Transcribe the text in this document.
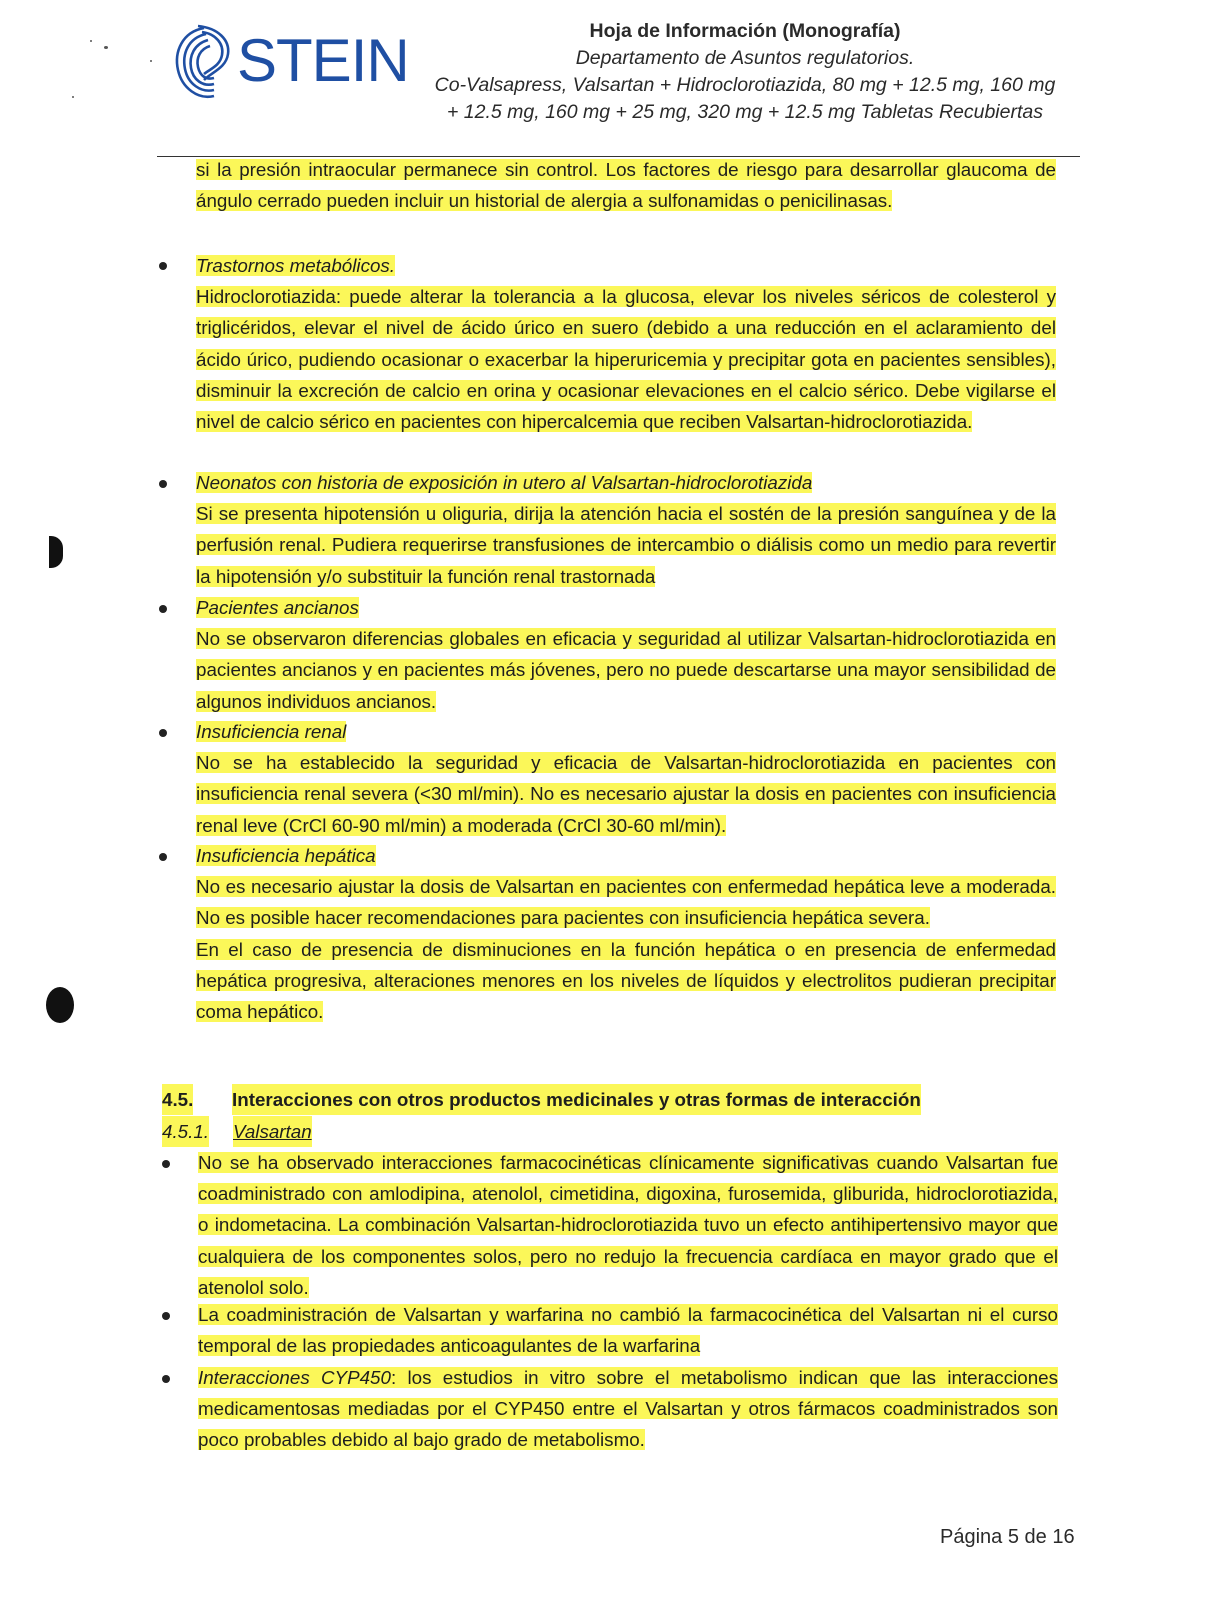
STEIN	Hoja de Información (Monografía)
Departamento de Asuntos regulatorios.
Co-Valsapress, Valsartan + Hidroclorotiazida, 80 mg + 12.5 mg, 160 mg
+ 12.5 mg, 160 mg + 25 mg, 320 mg + 12.5 mg Tabletas Recubiertas
si la presión intraocular permanece sin control. Los factores de riesgo para desarrollar glaucoma de ángulo cerrado pueden incluir un historial de alergia a sulfonamidas o penicilinasas.
Trastornos metabólicos.
Hidroclorotiazida: puede alterar la tolerancia a la glucosa, elevar los niveles séricos de colesterol y triglicéridos, elevar el nivel de ácido úrico en suero (debido a una reducción en el aclaramiento del ácido úrico, pudiendo ocasionar o exacerbar la hiperuricemia y precipitar gota en pacientes sensibles), disminuir la excreción de calcio en orina y ocasionar elevaciones en el calcio sérico. Debe vigilarse el nivel de calcio sérico en pacientes con hipercalcemia que reciben Valsartan-hidroclorotiazida.
Neonatos con historia de exposición in utero al Valsartan-hidroclorotiazida
Si se presenta hipotensión u oliguria, dirija la atención hacia el sostén de la presión sanguínea y de la perfusión renal. Pudiera requerirse transfusiones de intercambio o diálisis como un medio para revertir la hipotensión y/o substituir la función renal trastornada
Pacientes ancianos
No se observaron diferencias globales en eficacia y seguridad al utilizar Valsartan-hidroclorotiazida en pacientes ancianos y en pacientes más jóvenes, pero no puede descartarse una mayor sensibilidad de algunos individuos ancianos.
Insuficiencia renal
No se ha establecido la seguridad y eficacia de Valsartan-hidroclorotiazida en pacientes con insuficiencia renal severa (<30 ml/min). No es necesario ajustar la dosis en pacientes con insuficiencia renal leve (CrCl 60-90 ml/min) a moderada (CrCl 30-60 ml/min).
Insuficiencia hepática
No es necesario ajustar la dosis de Valsartan en pacientes con enfermedad hepática leve a moderada. No es posible hacer recomendaciones para pacientes con insuficiencia hepática severa.
En el caso de presencia de disminuciones en la función hepática o en presencia de enfermedad hepática progresiva, alteraciones menores en los niveles de líquidos y electrolitos pudieran precipitar coma hepático.
4.5. Interacciones con otros productos medicinales y otras formas de interacción
4.5.1. Valsartan
No se ha observado interacciones farmacocinéticas clínicamente significativas cuando Valsartan fue coadministrado con amlodipina, atenolol, cimetidina, digoxina, furosemida, gliburida, hidroclorotiazida, o indometacina. La combinación Valsartan-hidroclorotiazida tuvo un efecto antihipertensivo mayor que cualquiera de los componentes solos, pero no redujo la frecuencia cardíaca en mayor grado que el atenolol solo.
La coadministración de Valsartan y warfarina no cambió la farmacocinética del Valsartan ni el curso temporal de las propiedades anticoagulantes de la warfarina
Interacciones CYP450: los estudios in vitro sobre el metabolismo indican que las interacciones medicamentosas mediadas por el CYP450 entre el Valsartan y otros fármacos coadministrados son poco probables debido al bajo grado de metabolismo.
Página 5 de 16
